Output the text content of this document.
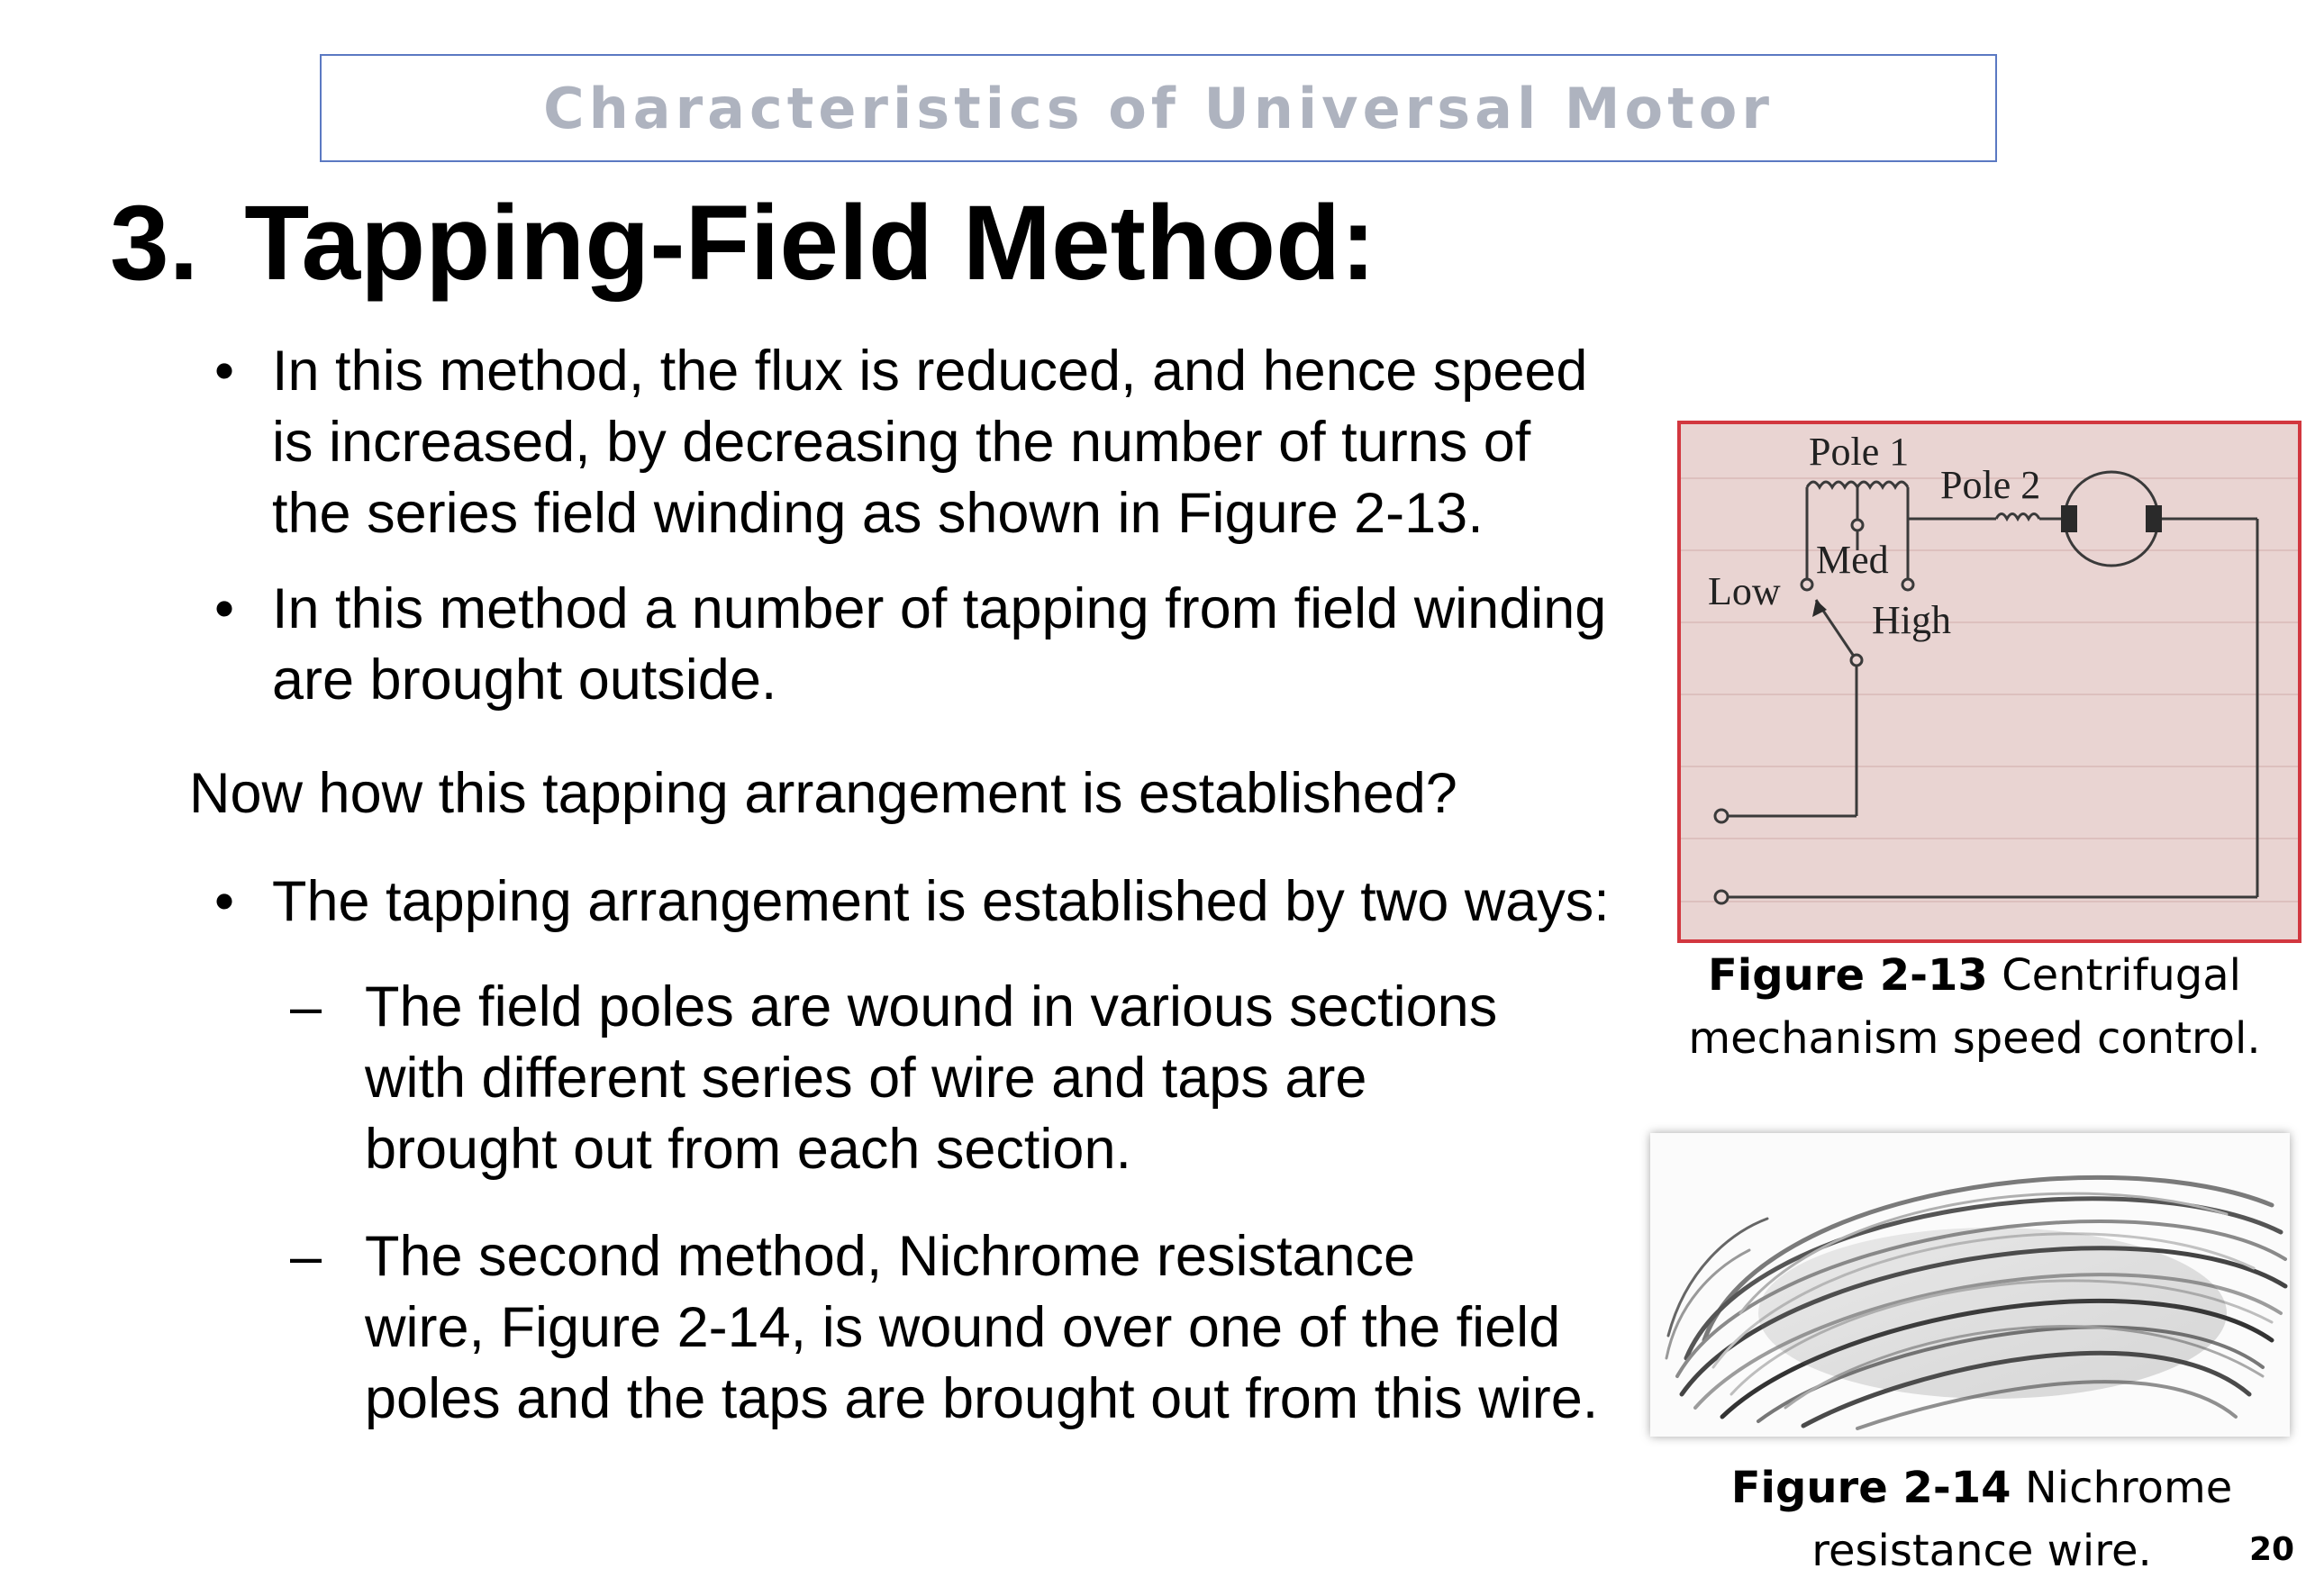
Characteristics of Universal Motor
3. Tapping-Field Method:
• In this method, the flux is reduced, and hence speed
is increased, by decreasing the number of turns of
the series field winding as shown in Figure 2-13.
• In this method a number of tapping from field winding
are brought outside.
Now how this tapping arrangement is established?
• The tapping arrangement is established by two ways:
– The field poles are wound in various sections
with different series of wire and taps are
brought out from each section.
– The second method, Nichrome resistance
wire, Figure 2-14, is wound over one of the field
poles and the taps are brought out from this wire.
Pole 1
Pole 2
Med
Low
High
Figure 2-13 Centrifugal
mechanism speed control.
Figure 2-14 Nichrome
resistance wire.	20
